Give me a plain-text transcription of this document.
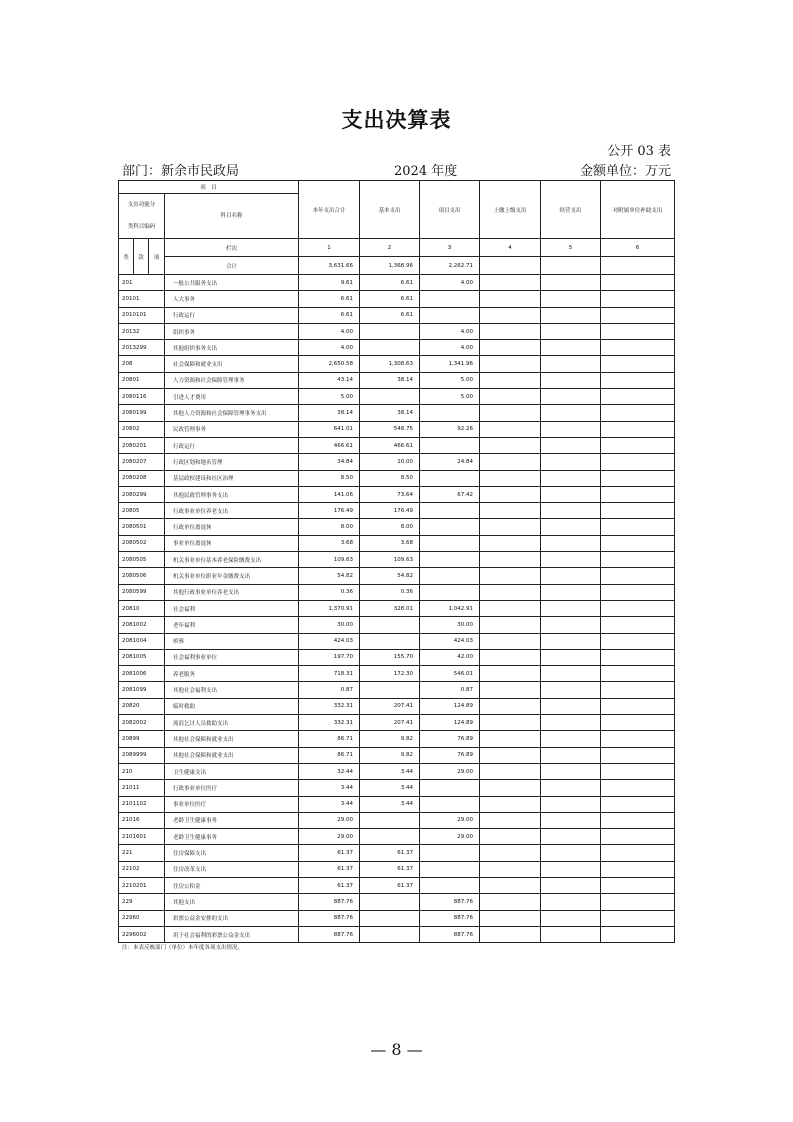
支出决算表
公开 03 表
部门：新余市民政局	2024 年度	金额单位：万元
项　目				本年支出合计	基本支出	项目支出	上缴上级支出	经营支出	对附属单位补助支出

支出功能分
类科目编码			科目名称						
类	款	项	栏次	1	2	3	4	5	6
			合计	3,631.66	1,368.96	2,262.71			
201			一般公共服务支出	9.61	6.61	4.00			
20101			人大事务	6.61	6.61				
2010101			行政运行	6.61	6.61				
20132			组织事务	4.00		4.00			
2013299			其他组织事务支出	4.00		4.00			
208			社会保障和就业支出	2,650.58	1,308.63	1,341.96			
20801			人力资源和社会保障管理事务	43.14	38.14	5.00			
2080116			引进人才费用	5.00		5.00			
2080199			其他人力资源和社会保障管理事务支出	38.14	38.14				
20802			民政管理事务	641.01	548.75	92.26			
2080201			行政运行	466.61	466.61				
2080207			行政区划和地名管理	34.84	10.00	24.84			
2080208			基层政权建设和社区治理	8.50	8.50				
2080299			其他民政管理事务支出	141.06	73.64	67.42			
20805			行政事业单位养老支出	176.49	176.49				
2080501			行政单位离退休	8.00	8.00				
2080502			事业单位离退休	3.68	3.68				
2080505			机关事业单位基本养老保险缴费支出	109.63	109.63				
2080506			机关事业单位职业年金缴费支出	54.82	54.82				
2080599			其他行政事业单位养老支出	0.36	0.36				
20810			社会福利	1,370.91	328.01	1,042.91			
2081002			老年福利	30.00		30.00			
2081004			殡葬	424.03		424.03			
2081005			社会福利事业单位	197.70	155.70	42.00			
2081006			养老服务	718.31	172.30	546.01			
2081099			其他社会福利支出	0.87		0.87			
20820			临时救助	332.31	207.41	124.89			
2082002			流浪乞讨人员救助支出	332.31	207.41	124.89			
20899			其他社会保障和就业支出	86.71	9.82	76.89			
2089999			其他社会保障和就业支出	86.71	9.82	76.89			
210			卫生健康支出	32.44	3.44	29.00			
21011			行政事业单位医疗	3.44	3.44				
2101102			事业单位医疗	3.44	3.44				
21016			老龄卫生健康事务	29.00		29.00			
2101601			老龄卫生健康事务	29.00		29.00			
221			住房保障支出	61.37	61.37				
22102			住房改革支出	61.37	61.37				
2210201			住房公积金	61.37	61.37				
229			其他支出	887.76		887.76			
22960			彩票公益金安排的支出	887.76		887.76			
2296002			用于社会福利的彩票公益金支出	887.76		887.76			
注：本表反映部门（单位）本年度各项支出情况。
— 8 —
